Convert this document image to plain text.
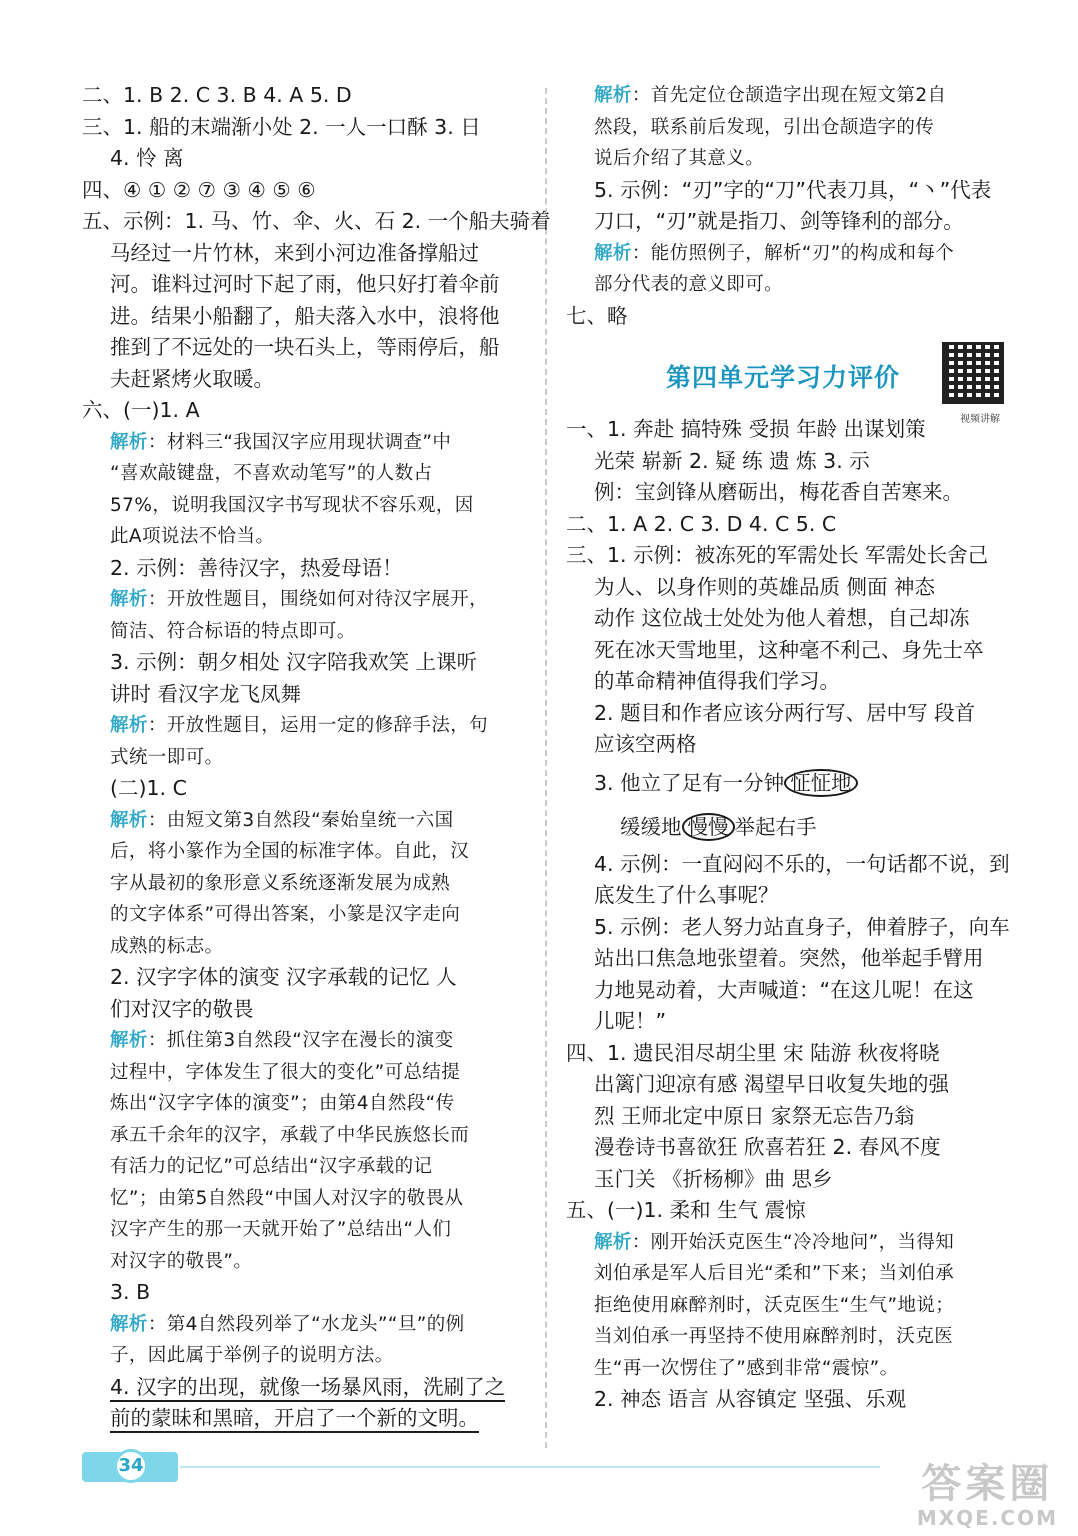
二、1. B 2. C 3. B 4. A 5. D
三、1. 船的末端渐小处 2. 一人一口酥 3. 日
4. 怜 离
四、④ ① ② ⑦ ③ ④ ⑤ ⑥
五、示例：1. 马、竹、伞、火、石 2. 一个船夫骑着
马经过一片竹林，来到小河边准备撑船过
河。谁料过河时下起了雨，他只好打着伞前
进。结果小船翻了，船夫落入水中，浪将他
推到了不远处的一块石头上，等雨停后，船
夫赶紧烤火取暖。
六、(一)1. A
解析：材料三“我国汉字应用现状调查”中
“喜欢敲键盘，不喜欢动笔写”的人数占
57%，说明我国汉字书写现状不容乐观，因
此A项说法不恰当。
2. 示例：善待汉字，热爱母语！
解析：开放性题目，围绕如何对待汉字展开，
简洁、符合标语的特点即可。
3. 示例：朝夕相处 汉字陪我欢笑 上课听
讲时 看汉字龙飞凤舞
解析：开放性题目，运用一定的修辞手法，句
式统一即可。
(二)1. C
解析：由短文第3自然段“秦始皇统一六国
后，将小篆作为全国的标准字体。自此，汉
字从最初的象形意义系统逐渐发展为成熟
的文字体系”可得出答案，小篆是汉字走向
成熟的标志。
2. 汉字字体的演变 汉字承载的记忆 人
们对汉字的敬畏
解析：抓住第3自然段“汉字在漫长的演变
过程中，字体发生了很大的变化”可总结提
炼出“汉字字体的演变”；由第4自然段“传
承五千余年的汉字，承载了中华民族悠长而
有活力的记忆”可总结出“汉字承载的记
忆”；由第5自然段“中国人对汉字的敬畏从
汉字产生的那一天就开始了”总结出“人们
对汉字的敬畏”。
3. B
解析：第4自然段列举了“水龙头”“旦”的例
子，因此属于举例子的说明方法。
4. 汉字的出现，就像一场暴风雨，洗刷了之
前的蒙昧和黑暗，开启了一个新的文明。
解析：首先定位仓颉造字出现在短文第2自
然段，联系前后发现，引出仓颉造字的传
说后介绍了其意义。
5. 示例：“刃”字的“刀”代表刀具，“丶”代表
刀口，“刃”就是指刀、剑等锋利的部分。
解析：能仿照例子，解析“刃”的构成和每个
部分代表的意义即可。
七、略
第四单元学习力评价
视频讲解
一、1. 奔赴 搞特殊 受损 年龄 出谋划策
光荣 崭新 2. 疑 练 遗 炼 3. 示
例：宝剑锋从磨砺出，梅花香自苦寒来。
二、1. A 2. C 3. D 4. C 5. C
三、1. 示例：被冻死的军需处长 军需处长舍己
为人、以身作则的英雄品质 侧面 神态
动作 这位战士处处为他人着想，自己却冻
死在冰天雪地里，这种毫不利己、身先士卒
的革命精神值得我们学习。
2. 题目和作者应该分两行写、居中写 段首
应该空两格
3. 他立了足有一分钟 怔怔地
缓缓地 慢慢 举起右手
4. 示例：一直闷闷不乐的，一句话都不说，到
底发生了什么事呢？
5. 示例：老人努力站直身子，伸着脖子，向车
站出口焦急地张望着。突然，他举起手臂用
力地晃动着，大声喊道：“在这儿呢！在这
儿呢！”
四、1. 遗民泪尽胡尘里 宋 陆游 秋夜将晓
出篱门迎凉有感 渴望早日收复失地的强
烈 王师北定中原日 家祭无忘告乃翁
漫卷诗书喜欲狂 欣喜若狂 2. 春风不度
玉门关 《折杨柳》曲 思乡
五、(一)1. 柔和 生气 震惊
解析：刚开始沃克医生“冷冷地问”，当得知
刘伯承是军人后目光“柔和”下来；当刘伯承
拒绝使用麻醉剂时，沃克医生“生气”地说；
当刘伯承一再坚持不使用麻醉剂时，沃克医
生“再一次愣住了”感到非常“震惊”。
2. 神态 语言 从容镇定 坚强、乐观
34	答案圈
MXQE.COM
